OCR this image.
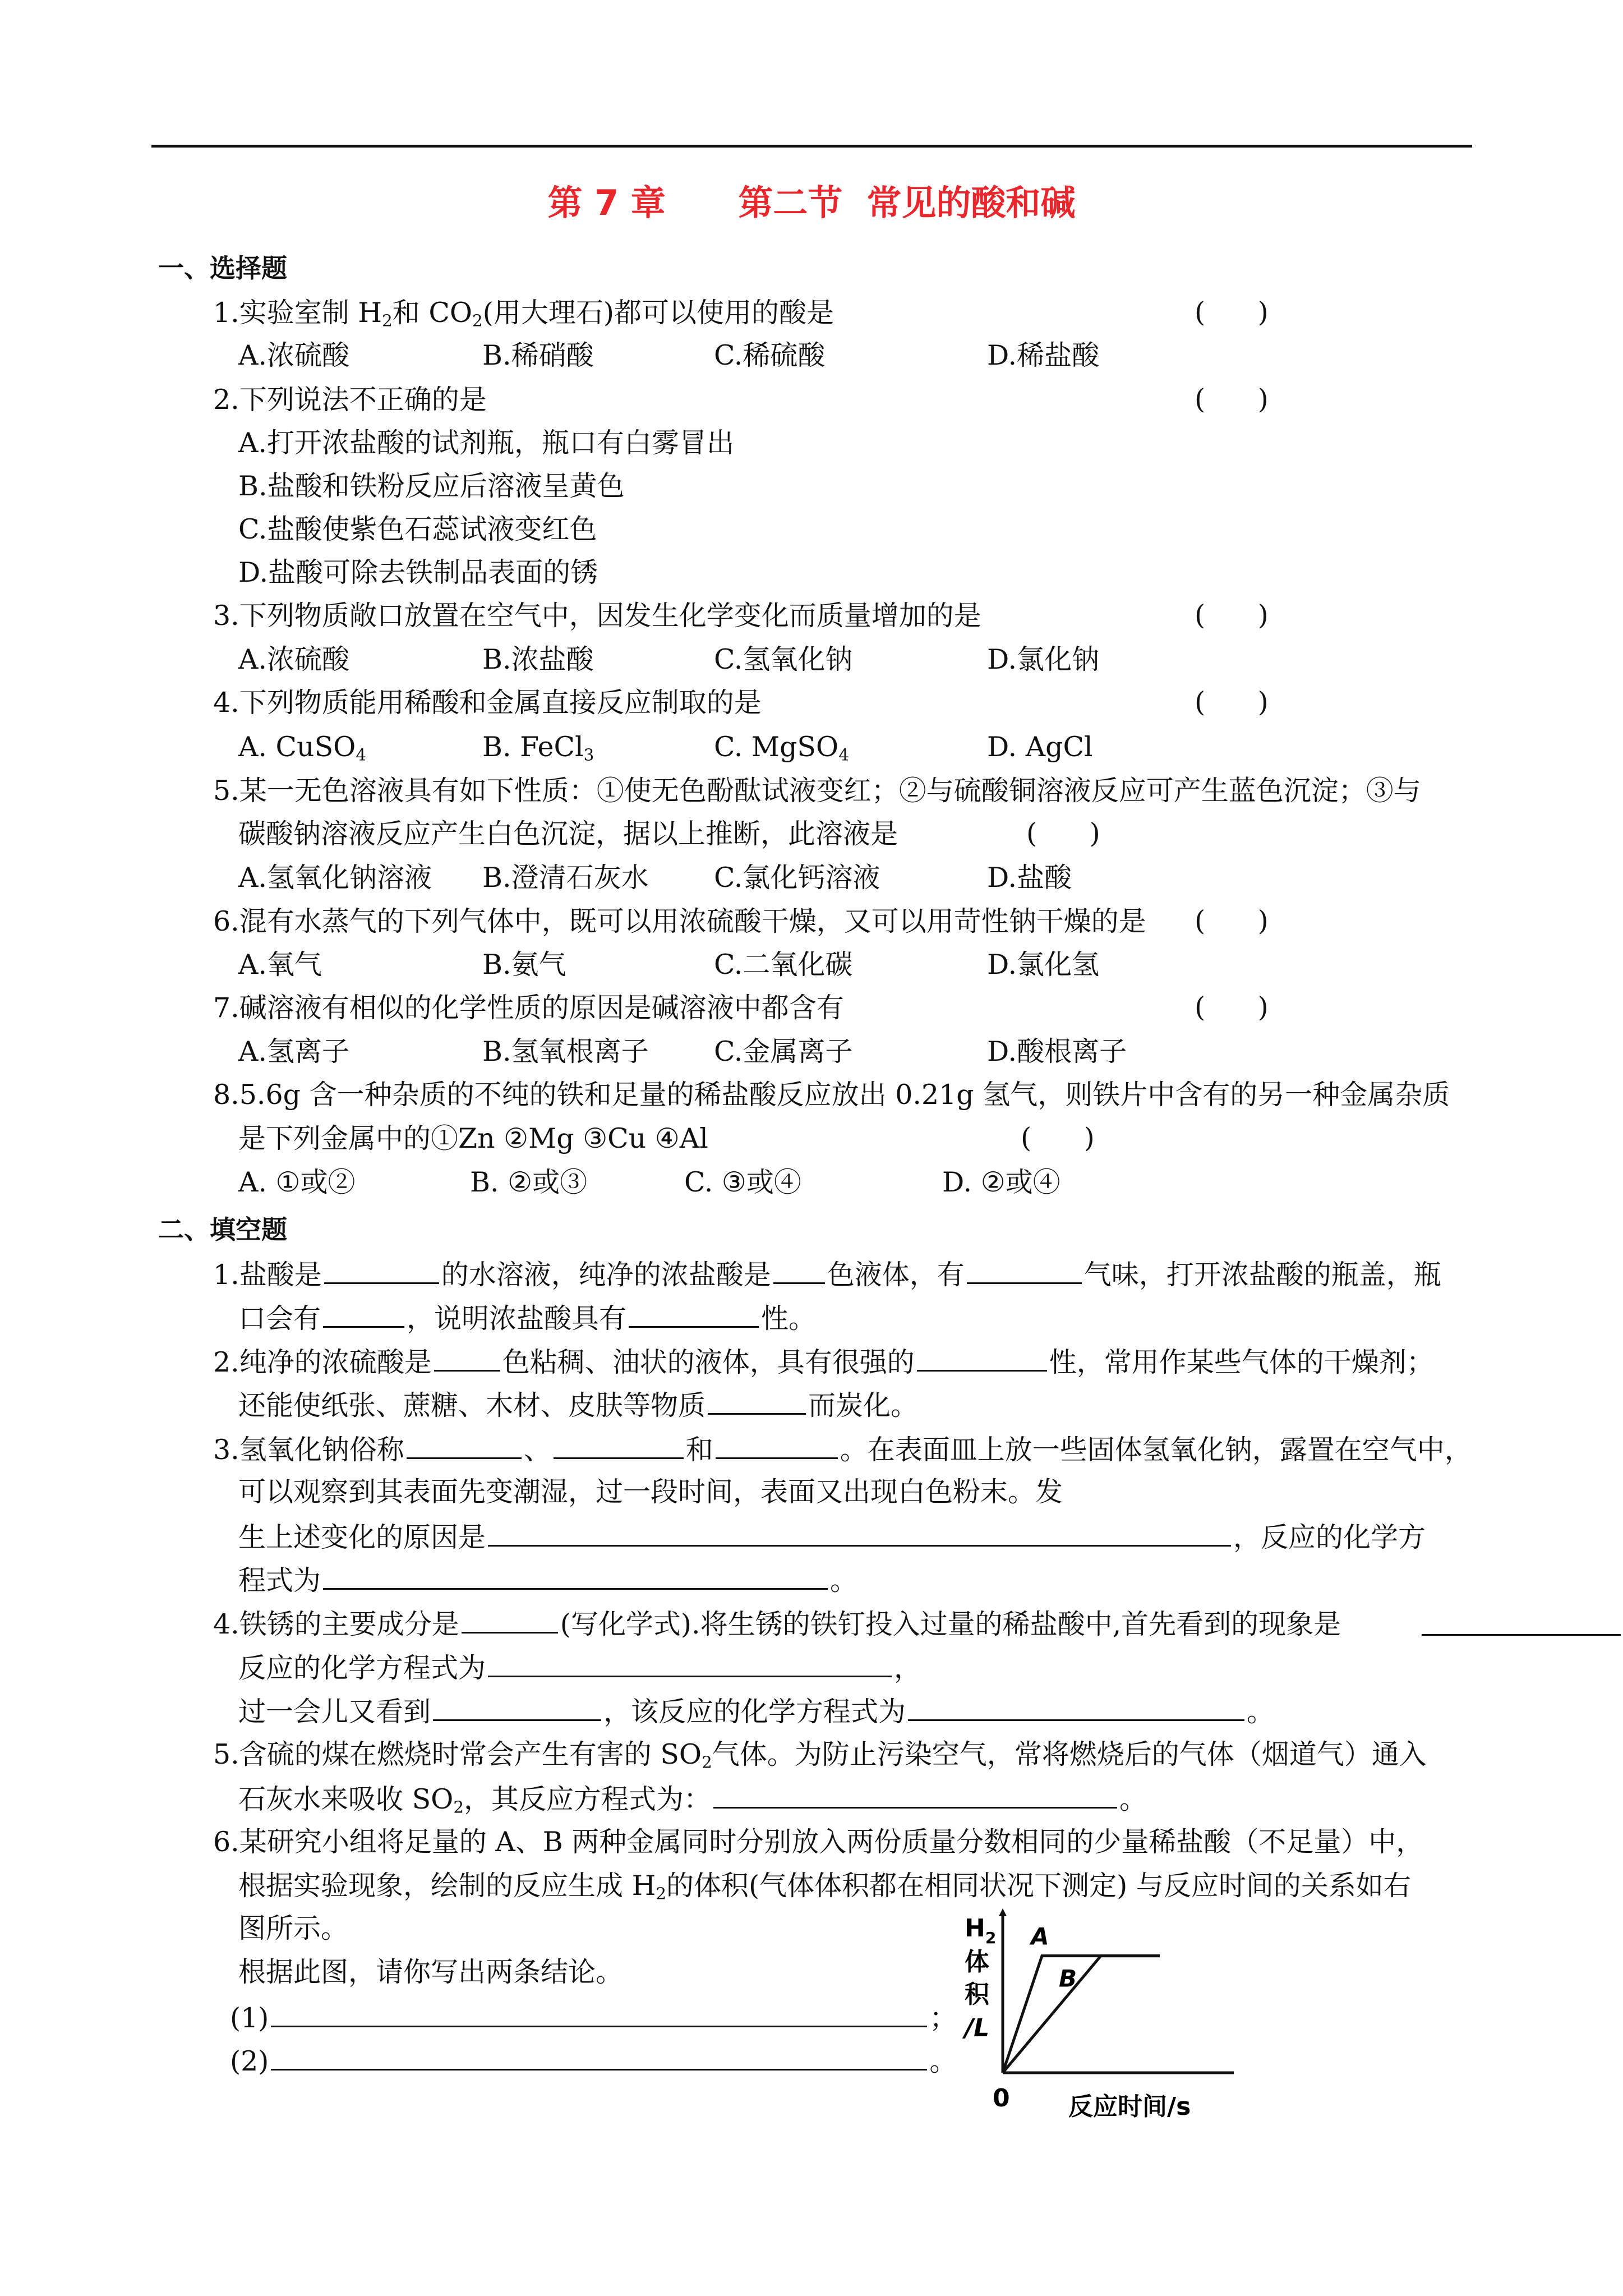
第 7 章      第二节  常见的酸和碱
一、选择题
1.实验室制 $H_2$和 $CO_2$(用大理石)都可以使用的酸是	(      )
A.浓硫酸	B.稀硝酸	C.稀硫酸	D.稀盐酸
2.下列说法不正确的是	(      )
A.打开浓盐酸的试剂瓶，瓶口有白雾冒出
B.盐酸和铁粉反应后溶液呈黄色
C.盐酸使紫色石蕊试液变红色
D.盐酸可除去铁制品表面的锈
3.下列物质敞口放置在空气中，因发生化学变化而质量增加的是	(      )
A.浓硫酸	B.浓盐酸	C.氢氧化钠	D.氯化钠
4.下列物质能用稀酸和金属直接反应制取的是	(      )
A. CuSO$_4$	B. FeCl$_3$	C. MgSO$_4$	D. AgCl
5.某一无色溶液具有如下性质：①使无色酚酞试液变红；②与硫酸铜溶液反应可产生蓝色沉淀；③与
碳酸钠溶液反应产生白色沉淀，据以上推断，此溶液是	(      )
A.氢氧化钠溶液 B.澄清石灰水 C.氯化钙溶液	D.盐酸
6.混有水蒸气的下列气体中，既可以用浓硫酸干燥，又可以用苛性钠干燥的是 (      )
A.氧气	B.氨气	C.二氧化碳	D.氯化氢
7.碱溶液有相似的化学性质的原因是碱溶液中都含有	(      )
A.氢离子	B.氢氧根离子 C.金属离子	D.酸根离子
8.5.6g 含一种杂质的不纯的铁和足量的稀盐酸反应放出 0.21g 氢气，则铁片中含有的另一种金属杂质
是下列金属中的①Zn ②Mg ③Cu ④Al	(      )
A. ①或②	B. ②或③	C. ③或④	D. ②或④
二、填空题
1.盐酸是	的水溶液，纯净的浓盐酸是 色液体，有	气味，打开浓盐酸的瓶盖，瓶
口会有	，说明浓盐酸具有	性。
2.纯净的浓硫酸是	色粘稠、油状的液体，具有很强的	性，常用作某些气体的干燥剂；
还能使纸张、蔗糖、木材、皮肤等物质	而炭化。
3.氢氧化钠俗称	、	和	。在表面皿上放一些固体氢氧化钠，露置在空气中，
可以观察到其表面先变潮湿，过一段时间，表面又出现白色粉末。发
生上述变化的原因是	，反应的化学方
程式为	。
4.铁锈的主要成分是	(写化学式).将生锈的铁钉投入过量的稀盐酸中,首先看到的现象是
反应的化学方程式为	，
过一会儿又看到	，该反应的化学方程式为	。
5.含硫的煤在燃烧时常会产生有害的 $SO_2$气体。为防止污染空气，常将燃烧后的气体（烟道气）通入
石灰水来吸收 $SO_2$，其反应方程式为：	。
6.某研究小组将足量的 A、B 两种金属同时分别放入两份质量分数相同的少量稀盐酸（不足量）中，
根据实验现象，绘制的反应生成 $H_2$的体积(气体体积都在相同状况下测定) 与反应时间的关系如右
图所示。
根据此图，请你写出两条结论。
(1)	；
(2)	。
$H_2$
体
积
/L
0 反应时间/s
A
B
